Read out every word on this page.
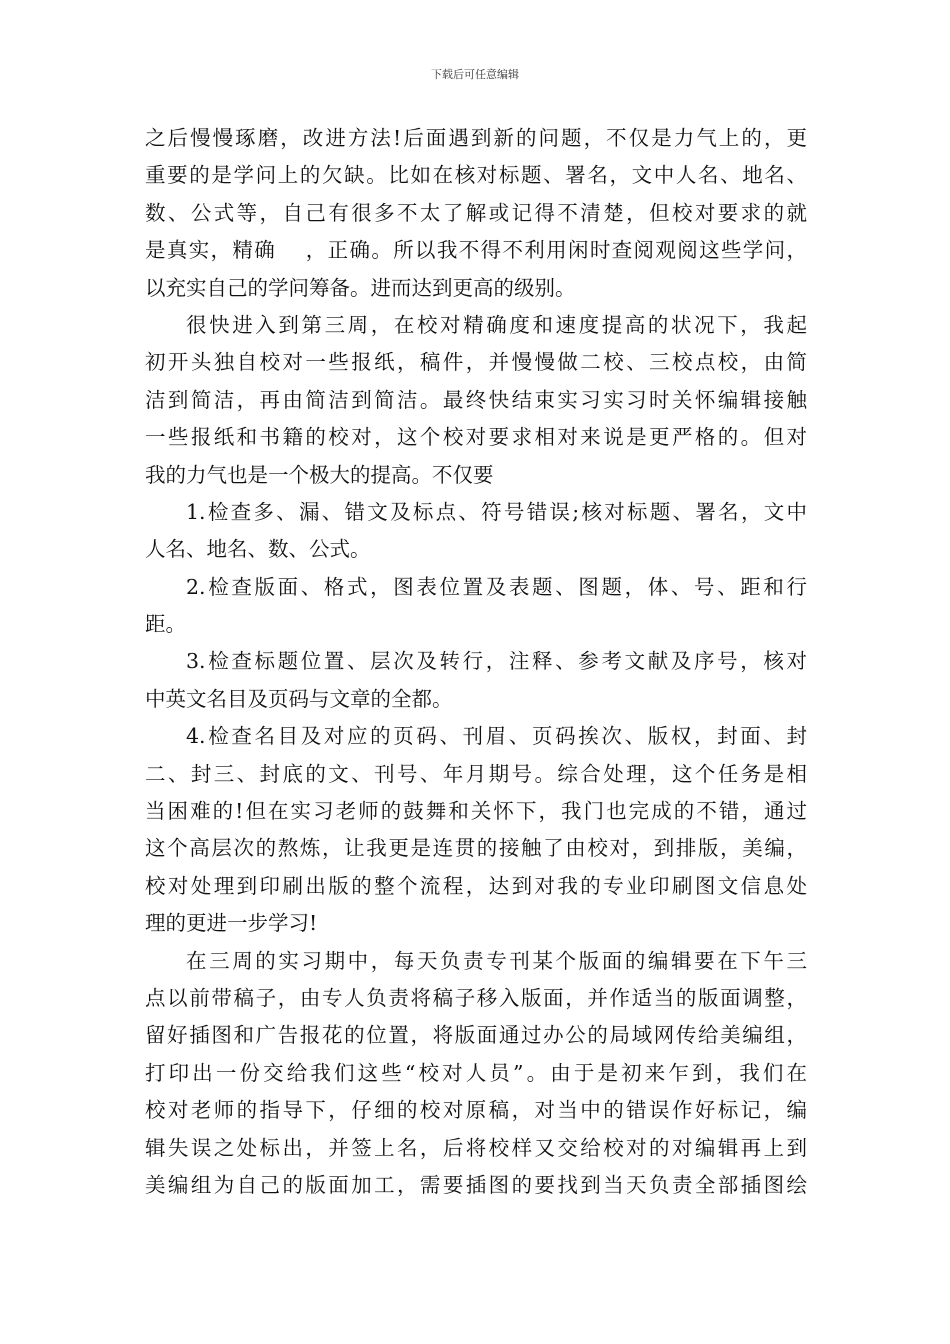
下载后可任意编辑
之后慢慢琢磨，改进方法!后面遇到新的问题，不仅是力气上的，更
重要的是学问上的欠缺。比如在核对标题、署名，文中人名、地名、
数、公式等，自己有很多不太了解或记得不清楚，但校对要求的就
是真实，精确　 ，正确。所以我不得不利用闲时查阅观阅这些学问，
以充实自己的学问筹备。进而达到更高的级别。
很快进入到第三周，在校对精确度和速度提高的状况下，我起
初开头独自校对一些报纸，稿件，并慢慢做二校、三校点校，由简
洁到简洁，再由简洁到简洁。最终快结束实习实习时关怀编辑接触
一些报纸和书籍的校对，这个校对要求相对来说是更严格的。但对
我的力气也是一个极大的提高。不仅要
1.检查多、漏、错文及标点、符号错误;核对标题、署名，文中
人名、地名、数、公式。
2.检查版面、格式，图表位置及表题、图题，体、号、距和行
距。
3.检查标题位置、层次及转行，注释、参考文献及序号，核对
中英文名目及页码与文章的全都。
4.检查名目及对应的页码、刊眉、页码挨次、版权，封面、封
二、封三、封底的文、刊号、年月期号。综合处理，这个任务是相
当困难的!但在实习老师的鼓舞和关怀下，我门也完成的不错，通过
这个高层次的熬炼，让我更是连贯的接触了由校对，到排版，美编，
校对处理到印刷出版的整个流程，达到对我的专业印刷图文信息处
理的更进一步学习!
在三周的实习期中，每天负责专刊某个版面的编辑要在下午三
点以前带稿子，由专人负责将稿子移入版面，并作适当的版面调整，
留好插图和广告报花的位置，将版面通过办公的局域网传给美编组，
打印出一份交给我们这些“校对人员”。由于是初来乍到，我们在
校对老师的指导下，仔细的校对原稿，对当中的错误作好标记，编
辑失误之处标出，并签上名，后将校样又交给校对的对编辑再上到
美编组为自己的版面加工，需要插图的要找到当天负责全部插图绘
